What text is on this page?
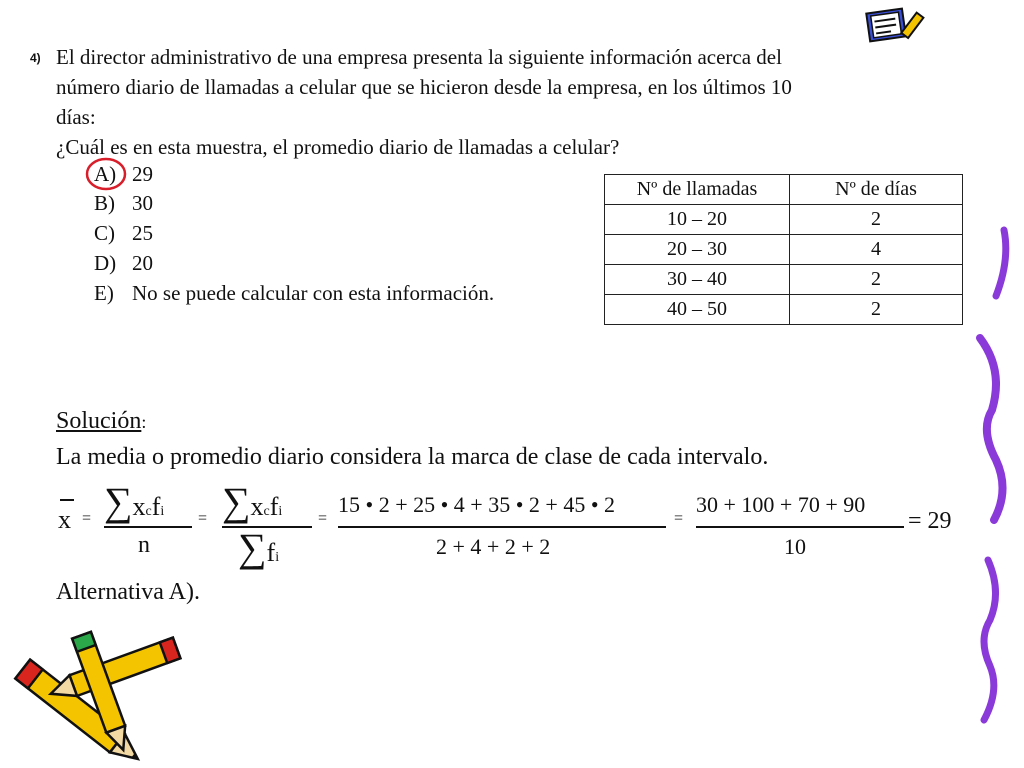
4) El director administrativo de una empresa presenta la siguiente información acerca del
número diario de llamadas a celular que se hicieron desde la empresa, en los últimos 10
días:
¿Cuál es en esta muestra, el promedio diario de llamadas a celular?
A) 29
B) 30
C) 25
D) 20
E) No se puede calcular con esta información.
Nº de llamadas	Nº de días
10 – 20	2
20 – 30	4
30 – 40	2
40 – 50	2
Solución:
La media o promedio diario considera la marca de clase de cada intervalo.
x = ∑xcfi
n
= ∑xcfi
∑fi
=
15 • 2 + 25 • 4 + 35 • 2 + 45 • 2
2 + 4 + 2 + 2
=
30 + 100 + 70 + 90
10
= 29
Alternativa A).
